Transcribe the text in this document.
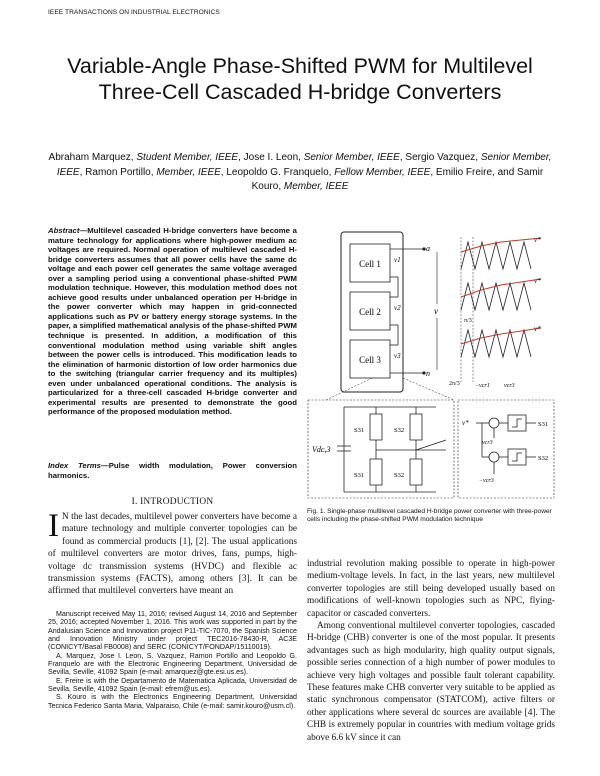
IEEE TRANSACTIONS ON INDUSTRIAL ELECTRONICS
Variable-Angle Phase-Shifted PWM for Multilevel Three-Cell Cascaded H-bridge Converters
Abraham Marquez, Student Member, IEEE, Jose I. Leon, Senior Member, IEEE, Sergio Vazquez, Senior Member, IEEE, Ramon Portillo, Member, IEEE, Leopoldo G. Franquelo, Fellow Member, IEEE, Emilio Freire, and Samir Kouro, Member, IEEE
Abstract—Multilevel cascaded H-bridge converters have become a mature technology for applications where high-power medium ac voltages are required. Normal operation of multilevel cascaded H-bridge converters assumes that all power cells have the same dc voltage and each power cell generates the same voltage averaged over a sampling period using a conventional phase-shifted PWM modulation technique. However, this modulation method does not achieve good results under unbalanced operation per H-bridge in the power converter which may happen in grid-connected applications such as PV or battery energy storage systems. In the paper, a simplified mathematical analysis of the phase-shifted PWM technique is presented. In addition, a modification of this conventional modulation method using variable shift angles between the power cells is introduced. This modification leads to the elimination of harmonic distortion of low order harmonics due to the switching (triangular carrier frequency and its multiples) even under unbalanced operational conditions. The analysis is particularized for a three-cell cascaded H-bridge converter and experimental results are presented to demonstrate the good performance of the proposed modulation method.
Index Terms—Pulse width modulation, Power conversion harmonics.
I. INTRODUCTION
I N the last decades, multilevel power converters have become a mature technology and multiple converter topologies can be found as commercial products [1], [2]. The usual applications of multilevel converters are motor drives, fans, pumps, high-voltage dc transmission systems (HVDC) and flexible ac transmission systems (FACTS), among others [3]. It can be affirmed that multilevel converters have meant an

Manuscript received May 11, 2016; revised August 14, 2016 and September 25, 2016; accepted November 1, 2016. This work was supported in part by the Andalusian Science and Innovation project P11-TIC-7070, the Spanish Science and Innovation Ministry under project TEC2016-78430-R, AC3E (CONICYT/Basal FB0008) and SERC (CONICYT/FONDAP/15110019).

A. Marquez, Jose I. Leon, S. Vazquez, Ramon Portillo and Leopoldo G. Franquelo are with the Electronic Engineering Department, Universidad de Sevilla, Seville, 41092 Spain (e-mail: amarquez@gte.esi.us.es).

E. Freire is with the Departamento de Matematica Aplicada, Universidad de Sevilla, Seville, 41092 Spain (e-mail: efrem@us.es).

S. Kouro is with the Electronics Engineering Department, Universidad Tecnica Federico Santa Maria, Valparaiso, Chile (e-mail: samir.kouro@usm.cl).

Cell 1
Cell 2
Cell 3
a
n
v1
v2
v3
v
v*
v*
v*
π/3
2π/3	−vcr1 vcr3
Vdc,3
S31	S32
S31	S32
v*
vcr3
−vcr3
S31
S32
Fig. 1. Single-phase multilevel cascaded H-bridge power converter with three-power cells including the phase-shifted PWM modulation technique

industrial revolution making possible to operate in high-power medium-voltage levels. In fact, in the last years, new multilevel converter topologies are still being developed usually based on modifications of well-known topologies such as NPC, flying-capacitor or cascaded converters.

Among conventional multilevel converter topologies, cascaded H-bridge (CHB) converter is one of the most popular. It presents advantages such as high modularity, high quality output signals, possible series connection of a high number of power modules to achieve very high voltages and possible fault tolerant capability. These features make CHB converter very suitable to be applied as static synchronous compensator (STATCOM), active filters or other applications where several dc sources are available [4]. The CHB is extremely popular in countries with medium voltage grids above 6.6 kV since it can
